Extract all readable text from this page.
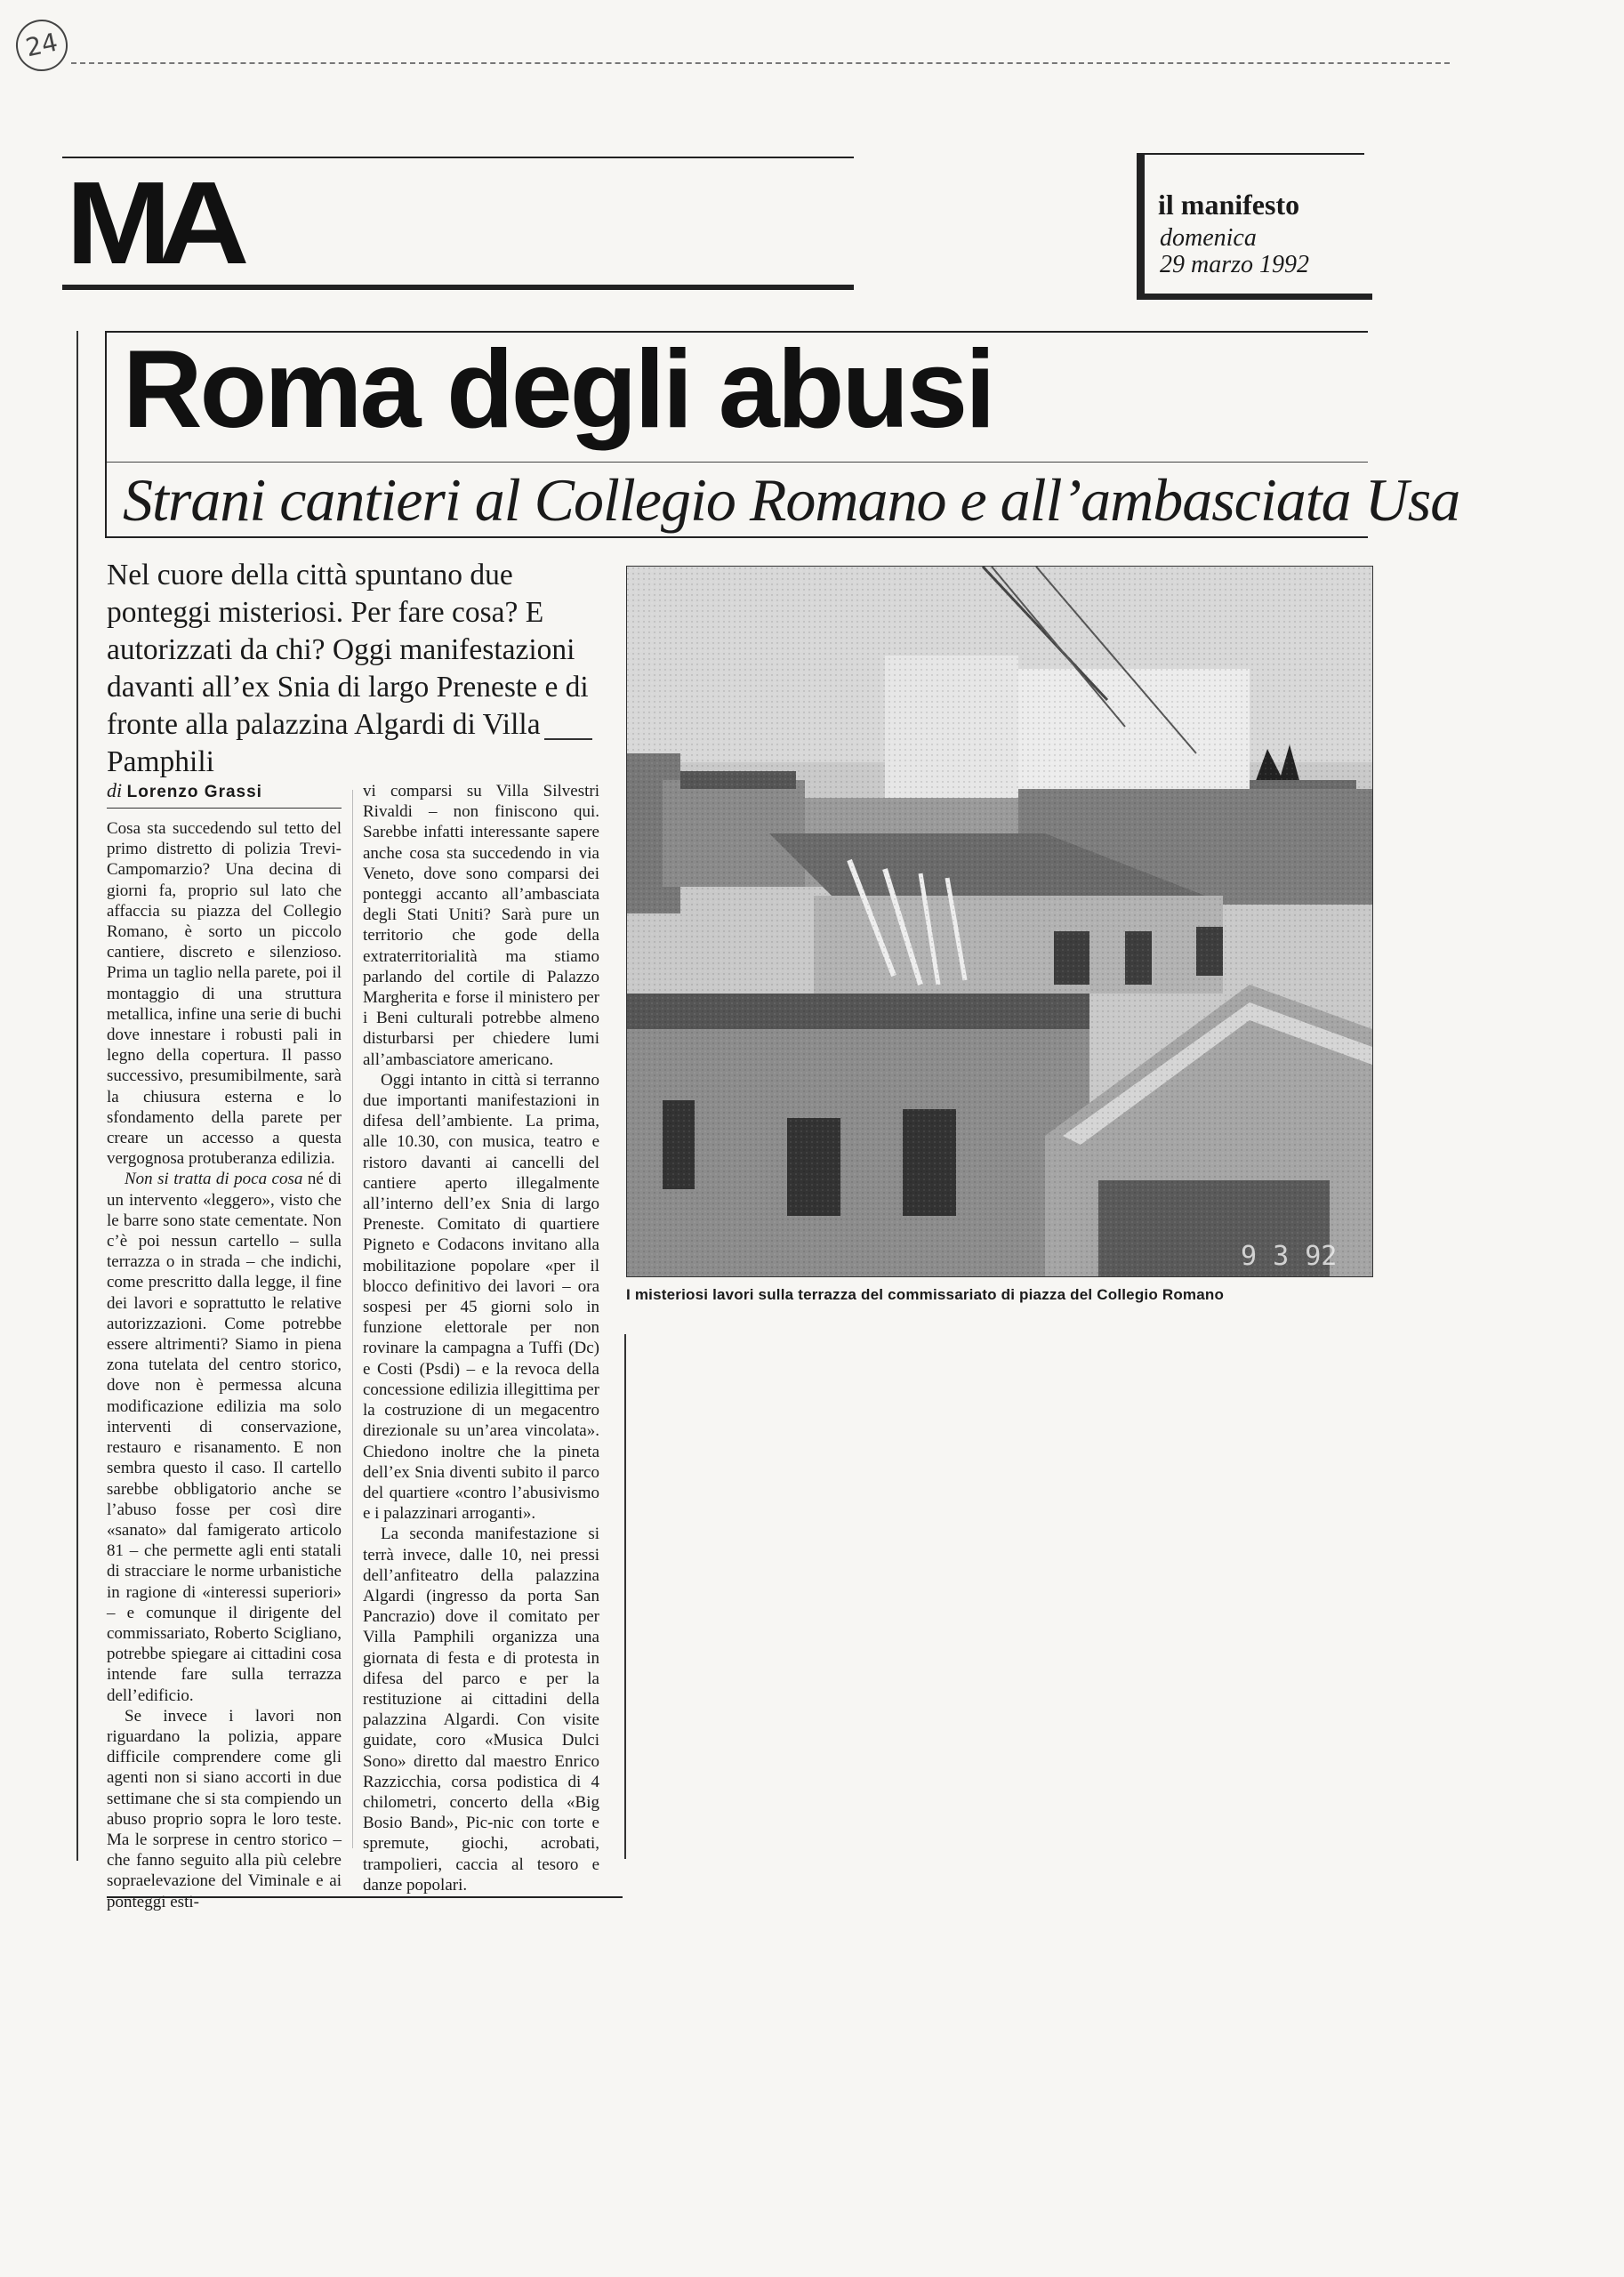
24
MA	il manifesto
domenica
29 marzo 1992
Roma degli abusi
Strani cantieri al Collegio Romano e all’ambasciata Usa
Nel cuore della città spuntano due ponteggi misteriosi. Per fare cosa? E autorizzati da chi? Oggi manifestazioni davanti all’ex Snia di largo Preneste e di fronte alla palazzina Algardi di Villa Pamphili
di Lorenzo Grassi

Cosa sta succedendo sul tetto del primo distretto di polizia Trevi-Campomarzio? Una decina di giorni fa, proprio sul lato che affaccia su piazza del Collegio Romano, è sorto un piccolo cantiere, discreto e silenzioso. Prima un taglio nella parete, poi il montaggio di una struttura metallica, infine una serie di buchi dove innestare i robusti pali in legno della copertura. Il passo successivo, presumibilmente, sarà la chiusura esterna e lo sfondamento della parete per creare un accesso a questa vergognosa protuberanza edilizia.

Non si tratta di poca cosa né di un intervento «leggero», visto che le barre sono state cementate. Non c’è poi nessun cartello – sulla terrazza o in strada – che indichi, come prescritto dalla legge, il fine dei lavori e soprattutto le relative autorizzazioni. Come potrebbe essere altrimenti? Siamo in piena zona tutelata del centro storico, dove non è permessa alcuna modificazione edilizia ma solo interventi di conservazione, restauro e risanamento. E non sembra questo il caso. Il cartello sarebbe obbligatorio anche se l’abuso fosse per così dire «sanato» dal famigerato articolo 81 – che permette agli enti statali di stracciare le norme urbanistiche in ragione di «interessi superiori» – e comunque il dirigente del commissariato, Roberto Scigliano, potrebbe spiegare ai cittadini cosa intende fare sulla terrazza dell’edificio.

Se invece i lavori non riguardano la polizia, appare difficile comprendere come gli agenti non si siano accorti in due settimane che si sta compiendo un abuso proprio sopra le loro teste. Ma le sorprese in centro storico – che fanno seguito alla più celebre sopraelevazione del Viminale e ai ponteggi esti-

vi comparsi su Villa Silvestri Rivaldi – non finiscono qui. Sarebbe infatti interessante sapere anche cosa sta succedendo in via Veneto, dove sono comparsi dei ponteggi accanto all’ambasciata degli Stati Uniti? Sarà pure un territorio che gode della extraterritorialità ma stiamo parlando del cortile di Palazzo Margherita e forse il ministero per i Beni culturali potrebbe almeno disturbarsi per chiedere lumi all’ambasciatore americano.

Oggi intanto in città si terranno due importanti manifestazioni in difesa dell’ambiente. La prima, alle 10.30, con musica, teatro e ristoro davanti ai cancelli del cantiere aperto illegalmente all’interno dell’ex Snia di largo Preneste. Comitato di quartiere Pigneto e Codacons invitano alla mobilitazione popolare «per il blocco definitivo dei lavori – ora sospesi per 45 giorni solo in funzione elettorale per non rovinare la campagna a Tuffi (Dc) e Costi (Psdi) – e la revoca della concessione edilizia illegittima per la costruzione di un megacentro direzionale su un’area vincolata». Chiedono inoltre che la pineta dell’ex Snia diventi subito il parco del quartiere «contro l’abusivismo e i palazzinari arroganti».

La seconda manifestazione si terrà invece, dalle 10, nei pressi dell’anfiteatro della palazzina Algardi (ingresso da porta San Pancrazio) dove il comitato per Villa Pamphili organizza una giornata di festa e di protesta in difesa del parco e per la restituzione ai cittadini della palazzina Algardi. Con visite guidate, coro «Musica Dulci Sono» diretto dal maestro Enrico Razzicchia, corsa podistica di 4 chilometri, concerto della «Big Bosio Band», Pic-nic con torte e spremute, giochi, acrobati, trampolieri, caccia al tesoro e danze popolari.

9 3 92
I misteriosi lavori sulla terrazza del commissariato di piazza del Collegio Romano
